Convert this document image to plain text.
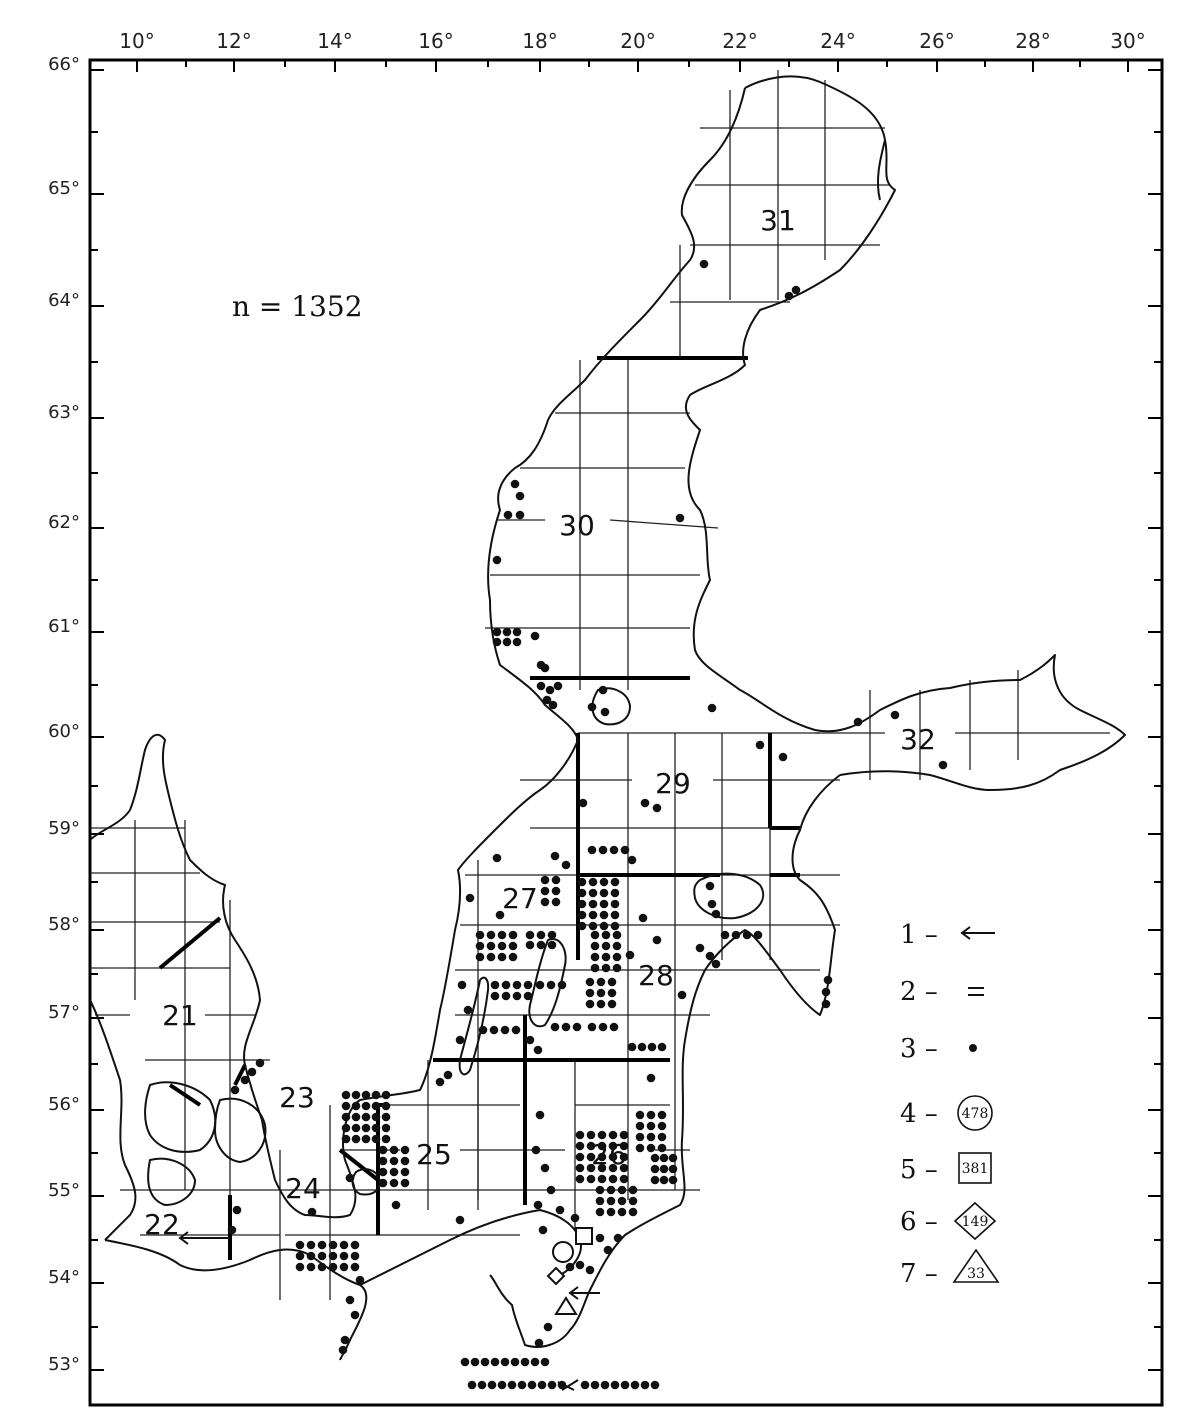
10°	12°	14°	16°	18°	20°	22°	24°	26°	28°	30°
66°
65°
64°
63°
62°
61°
60°
59°
58°
57°
56°
55°
54°
53°
31
30
32
29
27
28
21
23
25	26
24
22
n = 1352
1 –
2 –
3 –
4 – 478
5 – 381
6 – 149
7 – 33
